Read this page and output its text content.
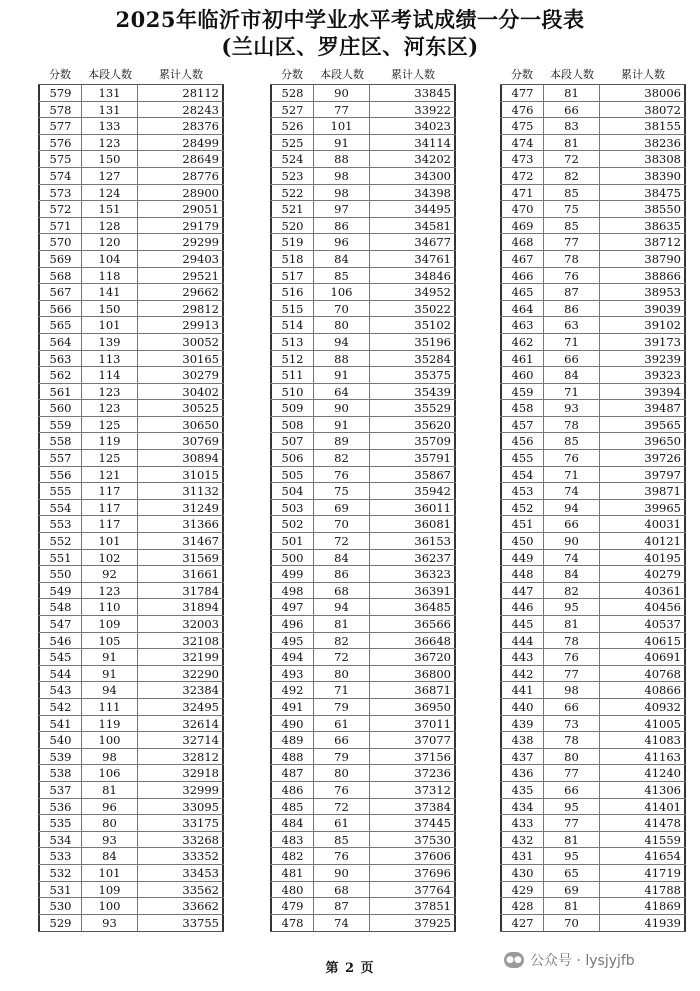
2025年临沂市初中学业水平考试成绩一分一段表
(兰山区、罗庄区、河东区)
分数	本段人数	累计人数
579	131	28112
578	131	28243
577	133	28376
576	123	28499
575	150	28649
574	127	28776
573	124	28900
572	151	29051
571	128	29179
570	120	29299
569	104	29403
568	118	29521
567	141	29662
566	150	29812
565	101	29913
564	139	30052
563	113	30165
562	114	30279
561	123	30402
560	123	30525
559	125	30650
558	119	30769
557	125	30894
556	121	31015
555	117	31132
554	117	31249
553	117	31366
552	101	31467
551	102	31569
550	92	31661
549	123	31784
548	110	31894
547	109	32003
546	105	32108
545	91	32199
544	91	32290
543	94	32384
542	111	32495
541	119	32614
540	100	32714
539	98	32812
538	106	32918
537	81	32999
536	96	33095
535	80	33175
534	93	33268
533	84	33352
532	101	33453
531	109	33562
530	100	33662
529	93	33755
分数	本段人数	累计人数
528	90	33845
527	77	33922
526	101	34023
525	91	34114
524	88	34202
523	98	34300
522	98	34398
521	97	34495
520	86	34581
519	96	34677
518	84	34761
517	85	34846
516	106	34952
515	70	35022
514	80	35102
513	94	35196
512	88	35284
511	91	35375
510	64	35439
509	90	35529
508	91	35620
507	89	35709
506	82	35791
505	76	35867
504	75	35942
503	69	36011
502	70	36081
501	72	36153
500	84	36237
499	86	36323
498	68	36391
497	94	36485
496	81	36566
495	82	36648
494	72	36720
493	80	36800
492	71	36871
491	79	36950
490	61	37011
489	66	37077
488	79	37156
487	80	37236
486	76	37312
485	72	37384
484	61	37445
483	85	37530
482	76	37606
481	90	37696
480	68	37764
479	87	37851
478	74	37925
分数	本段人数	累计人数
477	81	38006
476	66	38072
475	83	38155
474	81	38236
473	72	38308
472	82	38390
471	85	38475
470	75	38550
469	85	38635
468	77	38712
467	78	38790
466	76	38866
465	87	38953
464	86	39039
463	63	39102
462	71	39173
461	66	39239
460	84	39323
459	71	39394
458	93	39487
457	78	39565
456	85	39650
455	76	39726
454	71	39797
453	74	39871
452	94	39965
451	66	40031
450	90	40121
449	74	40195
448	84	40279
447	82	40361
446	95	40456
445	81	40537
444	78	40615
443	76	40691
442	77	40768
441	98	40866
440	66	40932
439	73	41005
438	78	41083
437	80	41163
436	77	41240
435	66	41306
434	95	41401
433	77	41478
432	81	41559
431	95	41654
430	65	41719
429	69	41788
428	81	41869
427	70	41939
第 2 页
●● 公众号 · lysjyjfb
